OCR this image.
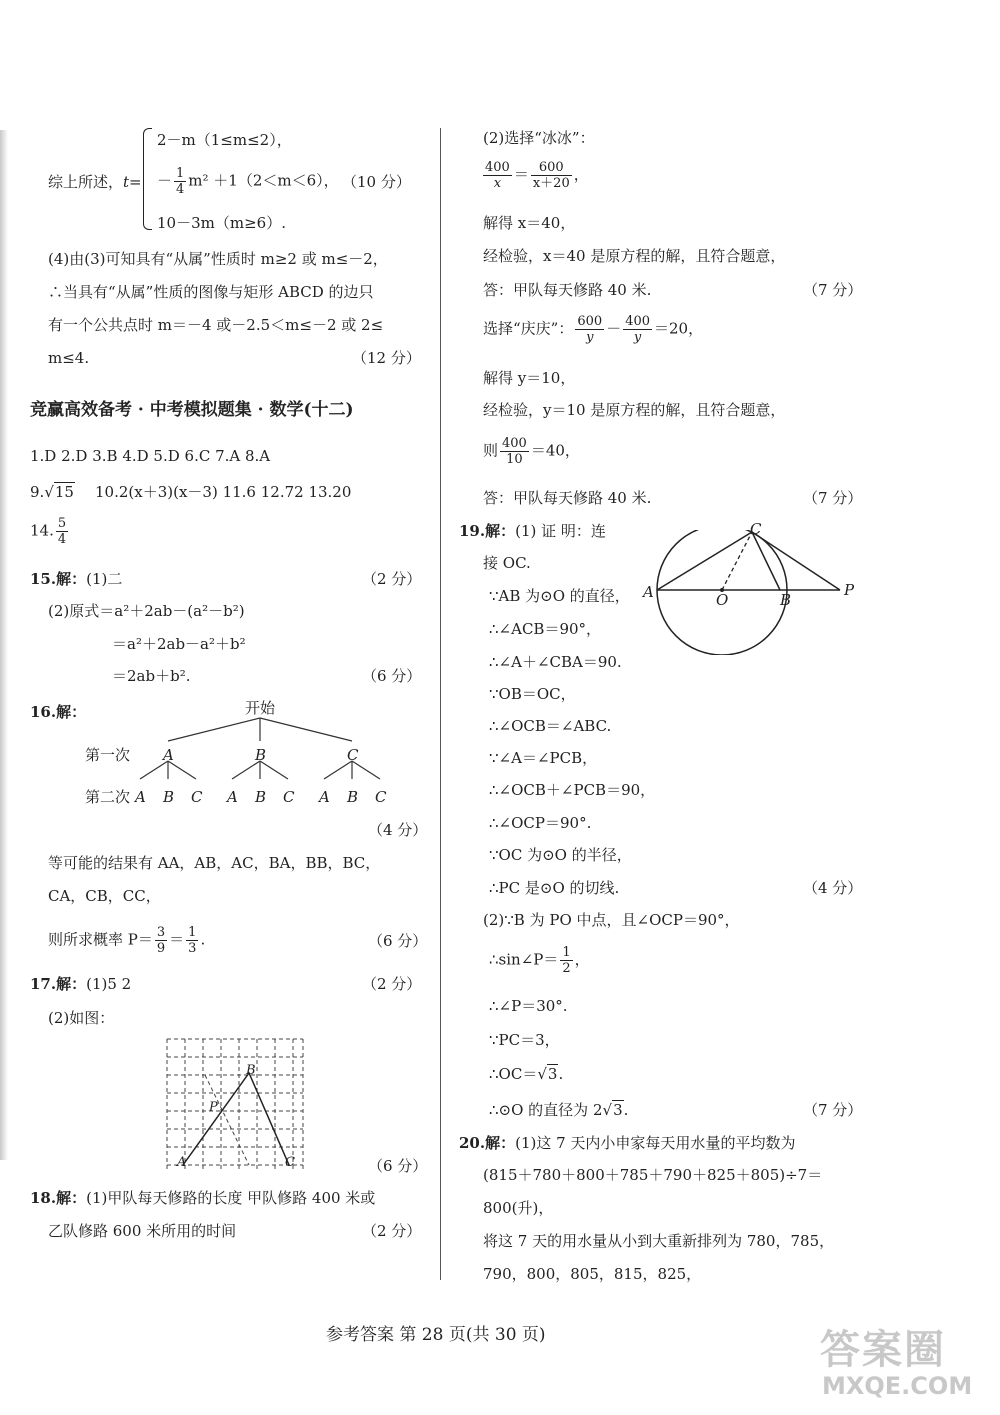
综上所述，t=
2－m（1≤m≤2），
－ $\frac{1}{4} m^2 +1(2<m<6)$， （10 分）
10－3m（m≥6）.
(4)由(3)可知具有“从属”性质时 m≥2 或 m≤－2，
∴当具有“从属”性质的图像与矩形 ABCD 的边只
有一个公共点时 m＝－4 或－2.5＜m≤－2 或 2≤
m≤4.	（12 分）
竞赢高效备考 · 中考模拟题集 · 数学(十二)
1.D 2.D 3.B 4.D 5.D 6.C 7.A 8.A
9.√15 10.2(x＋3)(x－3) 11.6 12.72 13.20
14. $\frac{5}{4}$
15.解：(1)二	（2 分）
(2)原式＝a²＋2ab－(a²－b²)
＝a²＋2ab－a²＋b²
＝2ab＋b².	（6 分）
16.解：	开始
第一次
第二次
A	B	C
A B C A B C A B C
（4 分）
等可能的结果有 AA，AB，AC，BA，BB，BC，
CA，CB，CC，
则所求概率 $P= \frac{3}{9} = \frac{1}{3}$ .	（6 分）
17.解：(1)5 2	（2 分）
(2)如图：
B
P
A	C	（6 分）
18.解：(1)甲队每天修路的长度 甲队修路 400 米或
乙队修路 600 米所用的时间	（2 分）
(2)选择“冰冰”：
$\frac{400}{x} = \frac{600}{x+20}$ ，
解得 x＝40，
经检验，x＝40 是原方程的解，且符合题意，
答：甲队每天修路 40 米.	（7 分）
选择“庆庆”： $\frac{600}{y} - \frac{400}{y} =20$，
解得 y＝10，
经检验，y＝10 是原方程的解，且符合题意，
则 $\frac{400}{10} =40$，
答：甲队每天修路 40 米.	（7 分）
19.解：(1) 证 明：连
接 OC.
∵AB 为⊙O 的直径，
∴∠ACB＝90°，
∴∠A＋∠CBA＝90.
∵OB＝OC，
∴∠OCB＝∠ABC.
∵∠A＝∠PCB，
∴∠OCB＋∠PCB＝90，
∴∠OCP＝90°.
∵OC 为⊙O 的半径，
∴PC 是⊙O 的切线.	（4 分）
(2)∵B 为 PO 中点，且∠OCP＝90°，
∴sin∠P＝ $\frac{1}{2}$ ，
∴∠P＝30°.
∵PC＝3，
∴OC＝√3.
∴⊙O 的直径为 2√3.	（7 分）
C
A	O	B
P
20.解：(1)这 7 天内小申家每天用水量的平均数为
(815＋780＋800＋785＋790＋825＋805)÷7＝
800(升)，
将这 7 天的用水量从小到大重新排列为 780，785，
790，800，805，815，825，
参考答案 第 28 页(共 30 页)	答案圈
MXQE.COM
